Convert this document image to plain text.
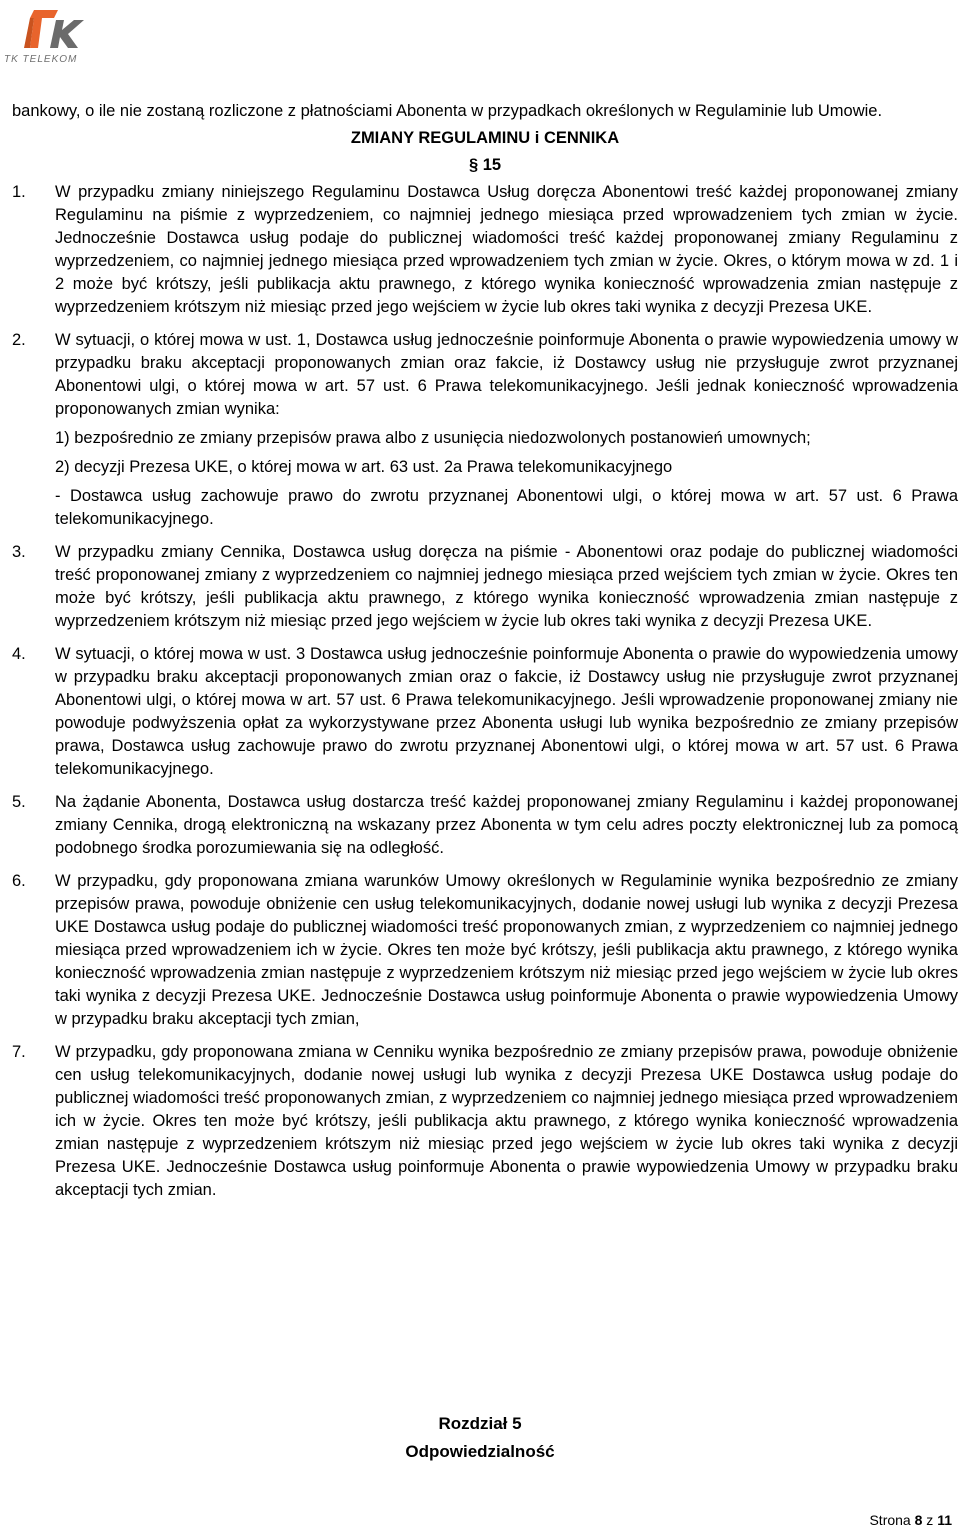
TK TELEKOM

bankowy, o ile nie zostaną rozliczone z płatnościami Abonenta w przypadkach określonych w Regulaminie lub Umowie.

ZMIANY REGULAMINU i CENNIKA

§ 15

1. W przypadku zmiany niniejszego Regulaminu Dostawca Usług doręcza Abonentowi treść każdej proponowanej zmiany Regulaminu na piśmie z wyprzedzeniem, co najmniej jednego miesiąca przed wprowadzeniem tych zmian w życie. Jednocześnie Dostawca usług podaje do publicznej wiadomości treść każdej proponowanej zmiany Regulaminu z wyprzedzeniem, co najmniej jednego miesiąca przed wprowadzeniem tych zmian w życie. Okres, o którym mowa w zd. 1 i 2 może być krótszy, jeśli publikacja aktu prawnego, z którego wynika konieczność wprowadzenia zmian następuje z wyprzedzeniem krótszym niż miesiąc przed jego wejściem w życie lub okres taki wynika z decyzji Prezesa UKE.
2. W sytuacji, o której mowa w ust. 1, Dostawca usług jednocześnie poinformuje Abonenta o prawie wypowiedzenia umowy w przypadku braku akceptacji proponowanych zmian oraz fakcie, iż Dostawcy usług nie przysługuje zwrot przyznanej Abonentowi ulgi, o której mowa w art. 57 ust. 6 Prawa telekomunikacyjnego. Jeśli jednak konieczność wprowadzenia proponowanych zmian wynika:

1) bezpośrednio ze zmiany przepisów prawa albo z usunięcia niedozwolonych postanowień umownych;

2) decyzji Prezesa UKE, o której mowa w art. 63 ust. 2a Prawa telekomunikacyjnego

- Dostawca usług zachowuje prawo do zwrotu przyznanej Abonentowi ulgi, o której mowa w art. 57 ust. 6 Prawa telekomunikacyjnego.

3. W przypadku zmiany Cennika, Dostawca usług doręcza na piśmie - Abonentowi oraz podaje do publicznej wiadomości treść proponowanej zmiany z wyprzedzeniem co najmniej jednego miesiąca przed wejściem tych zmian w życie. Okres ten może być krótszy, jeśli publikacja aktu prawnego, z którego wynika konieczność wprowadzenia zmian następuje z wyprzedzeniem krótszym niż miesiąc przed jego wejściem w życie lub okres taki wynika z decyzji Prezesa UKE.
4. W sytuacji, o której mowa w ust. 3 Dostawca usług jednocześnie poinformuje Abonenta o prawie do wypowiedzenia umowy w przypadku braku akceptacji proponowanych zmian oraz o fakcie, iż Dostawcy usług nie przysługuje zwrot przyznanej Abonentowi ulgi, o której mowa w art. 57 ust. 6 Prawa telekomunikacyjnego. Jeśli wprowadzenie proponowanej zmiany nie powoduje podwyższenia opłat za wykorzystywane przez Abonenta usługi lub wynika bezpośrednio ze zmiany przepisów prawa, Dostawca usług zachowuje prawo do zwrotu przyznanej Abonentowi ulgi, o której mowa w art. 57 ust. 6 Prawa telekomunikacyjnego.
5. Na żądanie Abonenta, Dostawca usług dostarcza treść każdej proponowanej zmiany Regulaminu i każdej proponowanej zmiany Cennika, drogą elektroniczną na wskazany przez Abonenta w tym celu adres poczty elektronicznej lub za pomocą podobnego środka porozumiewania się na odległość.
6. W przypadku, gdy proponowana zmiana warunków Umowy określonych w Regulaminie wynika bezpośrednio ze zmiany przepisów prawa, powoduje obniżenie cen usług telekomunikacyjnych, dodanie nowej usługi lub wynika z decyzji Prezesa UKE Dostawca usług podaje do publicznej wiadomości treść proponowanych zmian, z wyprzedzeniem co najmniej jednego miesiąca przed wprowadzeniem ich w życie. Okres ten może być krótszy, jeśli publikacja aktu prawnego, z którego wynika konieczność wprowadzenia zmian następuje z wyprzedzeniem krótszym niż miesiąc przed jego wejściem w życie lub okres taki wynika z decyzji Prezesa UKE. Jednocześnie Dostawca usług poinformuje Abonenta o prawie wypowiedzenia Umowy w przypadku braku akceptacji tych zmian,
7. W przypadku, gdy proponowana zmiana w Cenniku wynika bezpośrednio ze zmiany przepisów prawa, powoduje obniżenie cen usług telekomunikacyjnych, dodanie nowej usługi lub wynika z decyzji Prezesa UKE Dostawca usług podaje do publicznej wiadomości treść proponowanych zmian, z wyprzedzeniem co najmniej jednego miesiąca przed wprowadzeniem ich w życie. Okres ten może być krótszy, jeśli publikacja aktu prawnego, z którego wynika konieczność wprowadzenia zmian następuje z wyprzedzeniem krótszym niż miesiąc przed jego wejściem w życie lub okres taki wynika z decyzji Prezesa UKE. Jednocześnie Dostawca usług poinformuje Abonenta o prawie wypowiedzenia Umowy w przypadku braku akceptacji tych zmian.
Rozdział 5
Odpowiedzialność
Strona 8 z 11
